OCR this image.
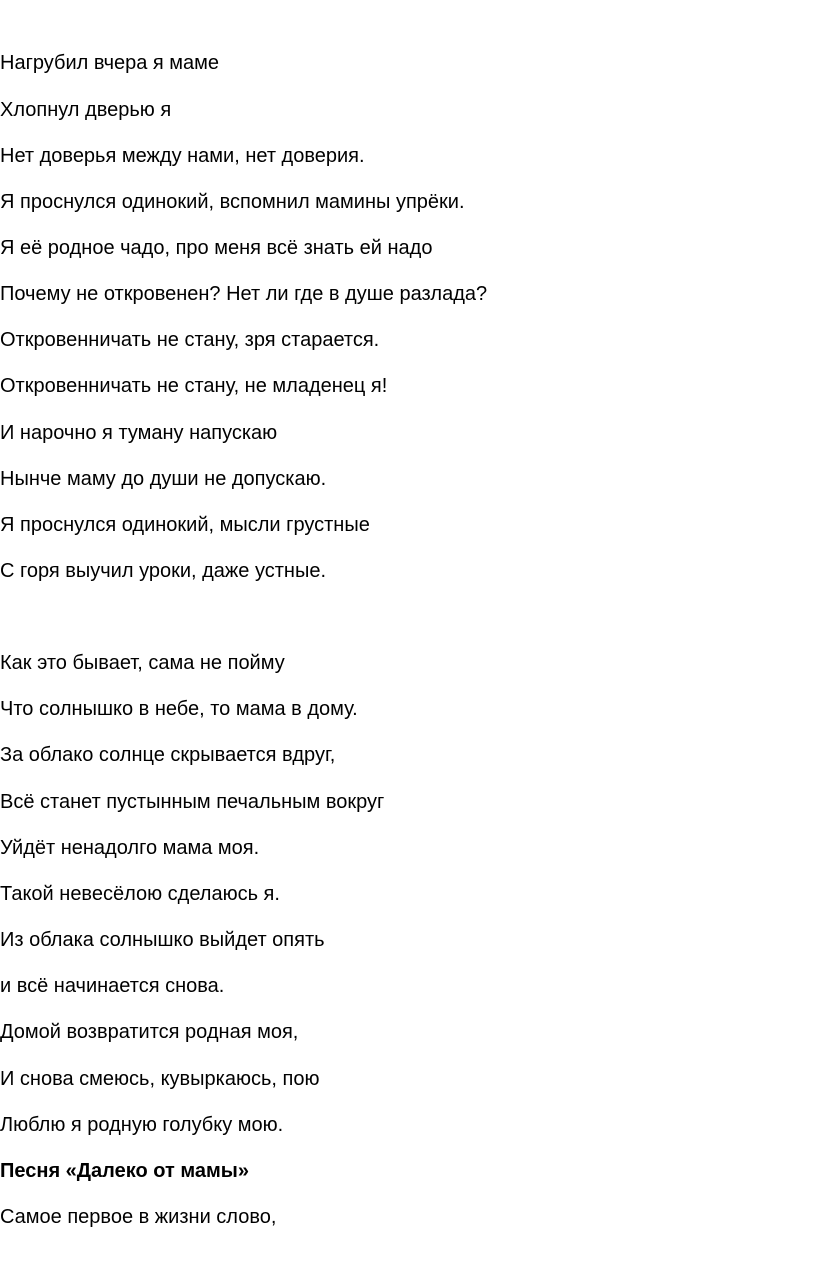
Нагрубил вчера я маме
Хлопнул дверью я
Нет доверья между нами, нет доверия.
Я проснулся одинокий, вспомнил мамины упрёки.
Я её родное чадо, про меня всё знать ей надо
Почему не откровенен? Нет ли где в душе разлада?
Откровенничать не стану, зря старается.
Откровенничать не стану, не младенец я!
И нарочно я туману напускаю
Нынче маму до души не допускаю.
Я проснулся одинокий, мысли грустные
С горя выучил уроки, даже устные.
Как это бывает, сама не пойму
Что солнышко в небе, то мама в дому.
За облако солнце скрывается вдруг,
Всё станет пустынным печальным вокруг
Уйдёт ненадолго мама моя.
Такой невесёлою сделаюсь я.
Из облака солнышко выйдет опять
и всё начинается снова.
Домой возвратится родная моя,
И снова смеюсь, кувыркаюсь, пою
Люблю я родную голубку мою.
Песня «Далеко от мамы»
Самое первое в жизни слово,
